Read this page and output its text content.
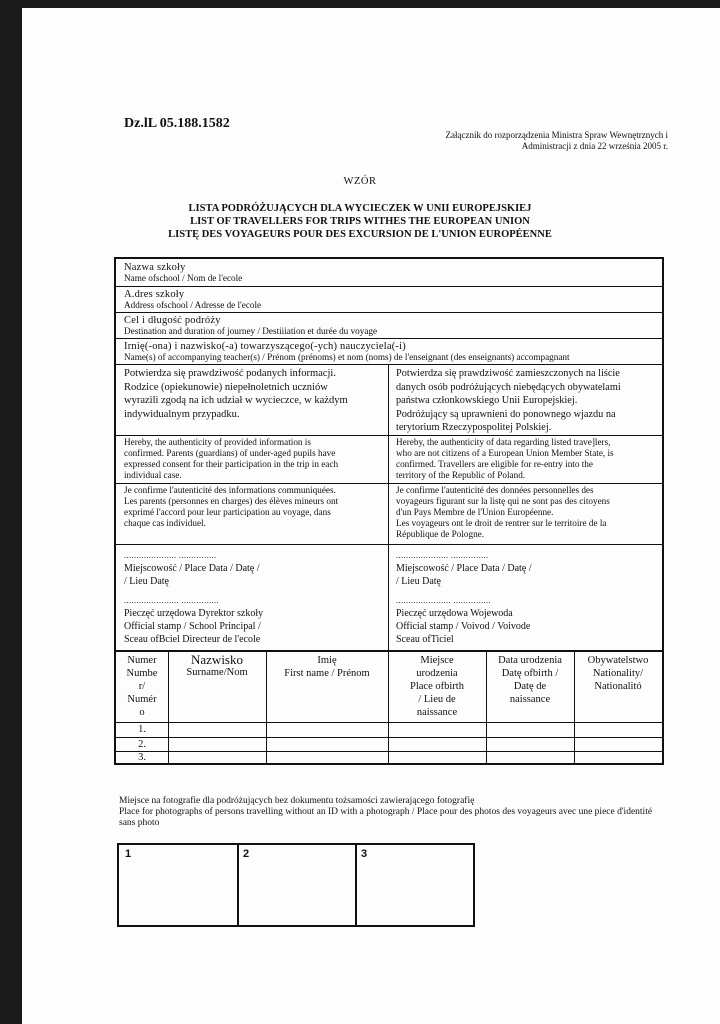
Dz.lL 05.188.1582
Załącznik do rozporządzenia Ministra Spraw Wewnętrznych i
Administracji z dnia 22 września 2005 r.
WZÓR
LISTA PODRÓŻUJĄCYCH DLA WYCIECZEK W UNII EUROPEJSKIEJ
LIST OF TRAVELLERS FOR TRIPS WITHES THE EUROPEAN UNION
LISTĘ DES VOYAGEURS POUR DES EXCURSION DE L'UNION EUROPÉENNE
Nazwa szkoły
Name ofschool / Nom de l'ecole
A.dres szkoły
Address ofschool / Adresse de l'ecole
Cel i długość podróży
Destination and duration of journey / Destiiiation et durée du voyage
Irnię(-ona) i nazwisko(-a) towarzyszącego(-ych) nauczyciela(-i)
Name(s) of accompanying teacher(s) / Prénom (prénoms) et nom (noms) de l'enseignant (des enseignants) accompagnant
Potwierdza się prawdziwość podanych informacji.
Rodzice (opiekunowie) niepełnoletnich uczniów
wyrazili zgodą na ich udział w wycieczce, w każdym
indywidualnym przypadku.
Hereby, the authenticity of provided information is
confirmed. Parents (guardians) of under-aged pupils have
expressed consent for their participation in the trip in each
individual case.
Je confirme l'autenticité des informations communiquées.
Les parents (personnes en charges) des élèves mineurs ont
exprimé l'accord pour leur participation au voyage, dans
chaque cas individuel.
Potwierdza się prawdziwość zamieszczonych na liście
danych osób podróżujących niebędących obywatelami
państwa członkowskiego Unii Europejskiej.
Podróżujący są uprawnieni do ponownego wjazdu na
terytorium Rzeczypospolitej Polskiej.
Hereby, the authenticity of data regarding listed trave]lers,
who are not citizens of a European Union Member State, is
confirmed. Travellers are eligible for re-entry into the
territory of the Republic of Poland.
Je confirme l'autenticité des données personnelles des
voyageurs figurant sur la listę qui ne sont pas des citoyens
d'un Pays Membre de l'Union Européenne.
Les voyageurs ont le droit de rentrer sur le territoire de la
République de Pologne.
..................... ...............
Miejscowość / Place Data / Datę /
/ Lieu Datę
...................... ...............
Pieczęć urzędowa Dyrektor szkoły
Official stamp / School Principal /
Sceau ofBciel Directeur de l'ecole
..................... ...............
Miejscowość / Place Data / Datę /
/ Lieu Datę
...................... ...............
Pieczęć urzędowa Wojewoda
Official stamp / Voivod / Voivode
Sceau ofTiciel
Numer
Numbe
r/
Numér
o
Nazwisko
Surname/Nom
Imię
First name / Prénom
Miejsce
urodzenia
Place ofbirth
/ Lieu de
naissance
Data urodzenia
Datę ofbirth /
Datę de
naissance
Obywatelstwo
Nationality/
Nationalitó
1.
2.
3.
Miejsce na fotografie dla podróżujących bez dokumentu tożsamości zawierającego fotografię
Place for photographs of persons travelling without an ID with a photograph / Place pour des photos des voyageurs avec une piece d'identité sans photo
1	2	3
